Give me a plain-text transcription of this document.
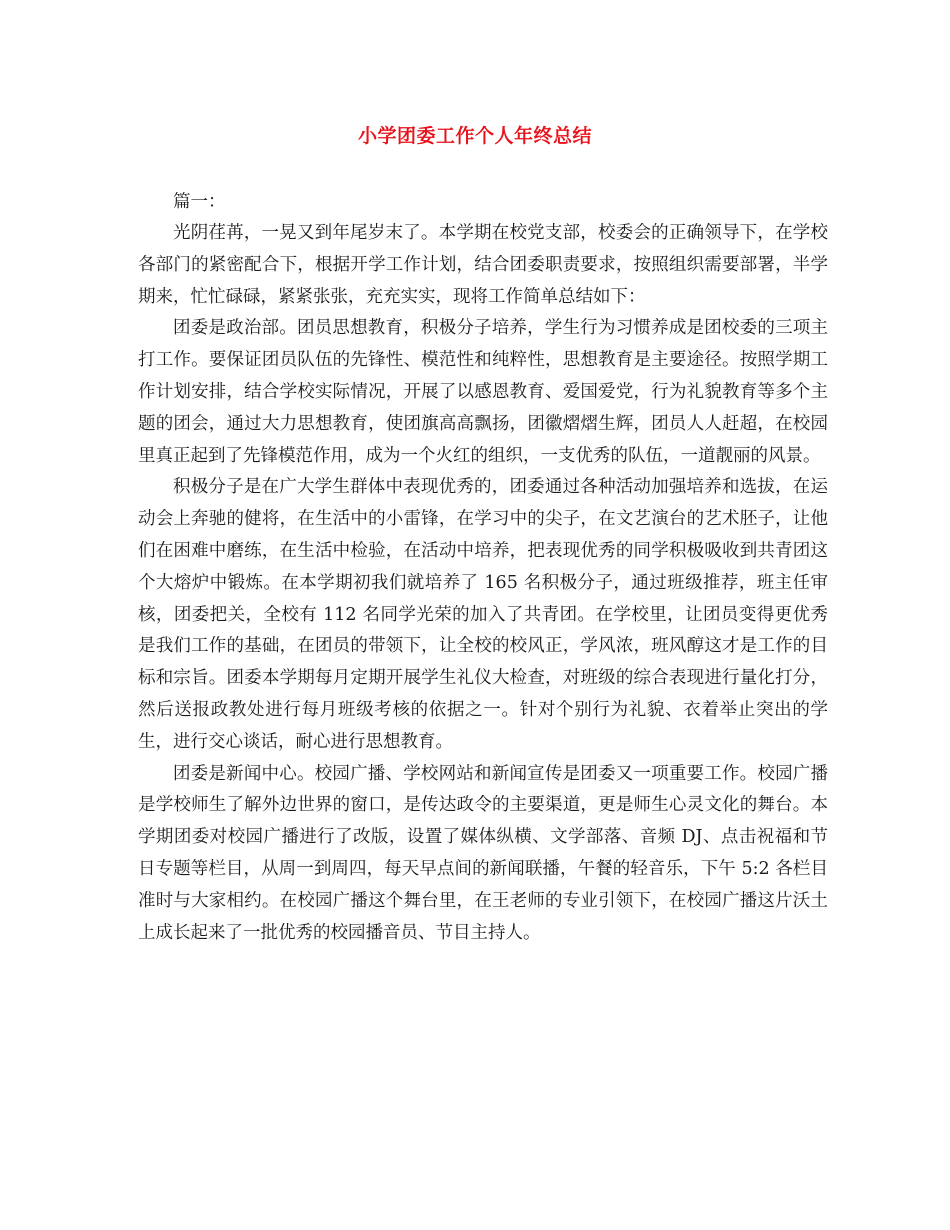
小学团委工作个人年终总结

篇一：

光阴荏苒，一晃又到年尾岁末了。本学期在校党支部，校委会的正确领导下，在学校各部门的紧密配合下，根据开学工作计划，结合团委职责要求，按照组织需要部署，半学期来，忙忙碌碌，紧紧张张，充充实实，现将工作简单总结如下：

团委是政治部。团员思想教育，积极分子培养，学生行为习惯养成是团校委的三项主打工作。要保证团员队伍的先锋性、模范性和纯粹性，思想教育是主要途径。按照学期工作计划安排，结合学校实际情况，开展了以感恩教育、爱国爱党，行为礼貌教育等多个主题的团会，通过大力思想教育，使团旗高高飘扬，团徽熠熠生辉，团员人人赶超，在校园里真正起到了先锋模范作用，成为一个火红的组织，一支优秀的队伍，一道靓丽的风景。

积极分子是在广大学生群体中表现优秀的，团委通过各种活动加强培养和选拔，在运动会上奔驰的健将，在生活中的小雷锋，在学习中的尖子，在文艺演台的艺术胚子，让他们在困难中磨练，在生活中检验，在活动中培养，把表现优秀的同学积极吸收到共青团这个大熔炉中锻炼。在本学期初我们就培养了 165 名积极分子，通过班级推荐，班主任审核，团委把关，全校有 112 名同学光荣的加入了共青团。在学校里，让团员变得更优秀是我们工作的基础，在团员的带领下，让全校的校风正，学风浓，班风醇这才是工作的目标和宗旨。团委本学期每月定期开展学生礼仪大检查，对班级的综合表现进行量化打分，然后送报政教处进行每月班级考核的依据之一。针对个别行为礼貌、衣着举止突出的学生，进行交心谈话，耐心进行思想教育。

团委是新闻中心。校园广播、学校网站和新闻宣传是团委又一项重要工作。校园广播是学校师生了解外边世界的窗口，是传达政令的主要渠道，更是师生心灵文化的舞台。本学期团委对校园广播进行了改版，设置了媒体纵横、文学部落、音频 DJ、点击祝福和节日专题等栏目，从周一到周四，每天早点间的新闻联播，午餐的轻音乐，下午 5:2 各栏目准时与大家相约。在校园广播这个舞台里，在王老师的专业引领下，在校园广播这片沃土上成长起来了一批优秀的校园播音员、节目主持人。
